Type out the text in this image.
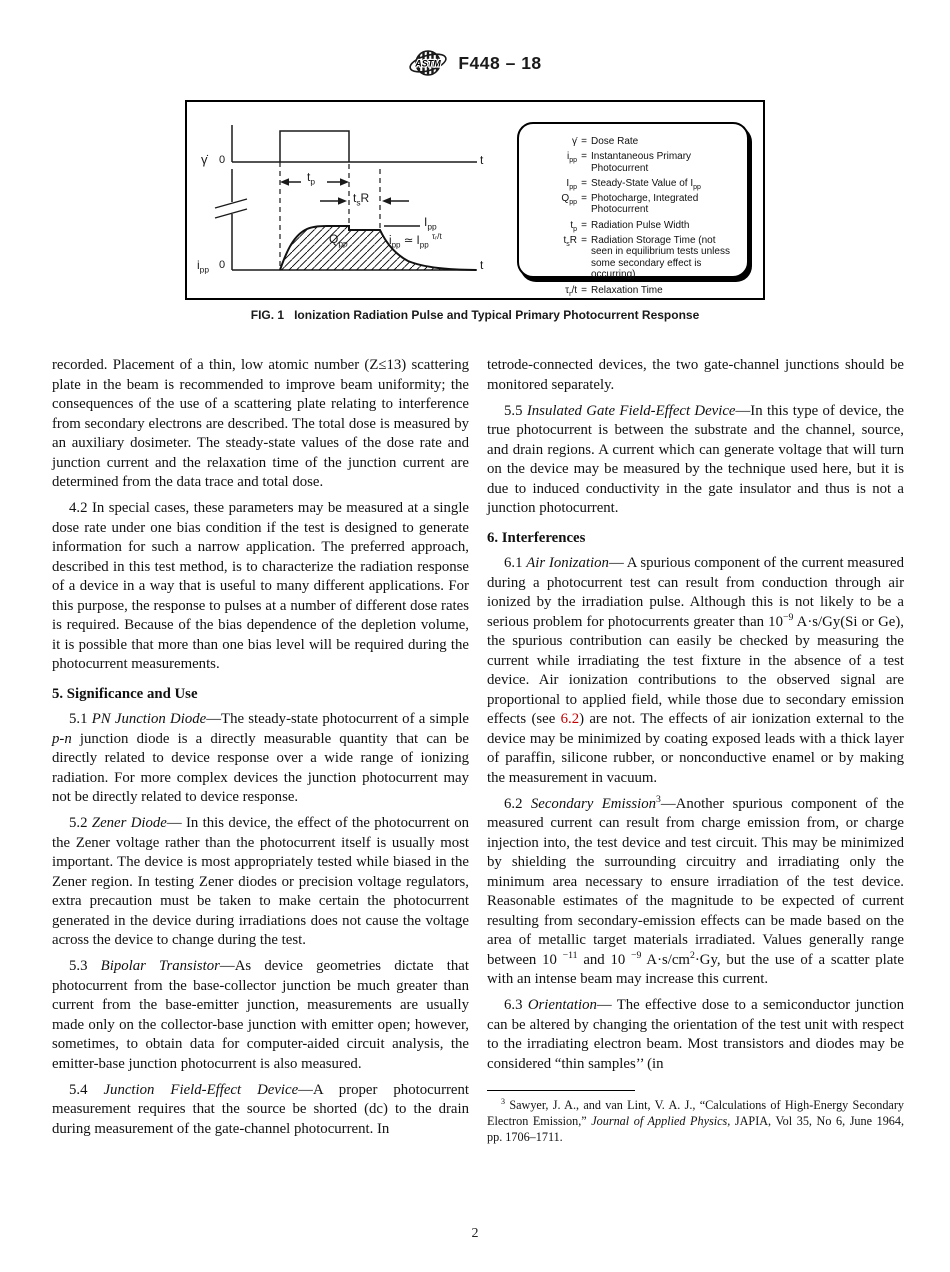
ASTM F448 – 18
γ̇ 0	t
$t_p$
$t_sR$
$I_{pp}$
$Q_{pp}$	$i_{pp}$ ≃ $I_{pp}$ $^{\tau ᵣ/t}$
$i_{pp}$ 0	t
γ̇ = Dose Rate
$i_{pp}$ = Instantaneous Primary Photocurrent
$I_{pp}$ = Steady-State Value of $I_{pp}$
$Q_{pp}$ = Photocharge, Integrated Photocurrent
$t_p$ = Radiation Pulse Width
$t_sR$ = Radiation Storage Time (not seen in equilibrium tests unless some secondary effect is occurring)
$\tau_r/t$ = Relaxation Time
FIG. 1 Ionization Radiation Pulse and Typical Primary Photocurrent Response
recorded. Placement of a thin, low atomic number (Z≤13) scattering plate in the beam is recommended to improve beam uniformity; the consequences of the use of a scattering plate relating to interference from secondary electrons are described. The total dose is measured by an auxiliary dosimeter. The steady-state values of the dose rate and junction current and the relaxation time of the junction current are determined from the data trace and total dose.
4.2 In special cases, these parameters may be measured at a single dose rate under one bias condition if the test is designed to generate information for such a narrow application. The preferred approach, described in this test method, is to characterize the radiation response of a device in a way that is useful to many different applications. For this purpose, the response to pulses at a number of different dose rates is required. Because of the bias dependence of the depletion volume, it is possible that more than one bias level will be required during the photocurrent measurements.
5. Significance and Use
5.1 PN Junction Diode—The steady-state photocurrent of a simple p-n junction diode is a directly measurable quantity that can be directly related to device response over a wide range of ionizing radiation. For more complex devices the junction photocurrent may not be directly related to device response.
5.2 Zener Diode— In this device, the effect of the photocurrent on the Zener voltage rather than the photocurrent itself is usually most important. The device is most appropriately tested while biased in the Zener region. In testing Zener diodes or precision voltage regulators, extra precaution must be taken to make certain the photocurrent generated in the device during irradiations does not cause the voltage across the device to change during the test.
5.3 Bipolar Transistor—As device geometries dictate that photocurrent from the base-collector junction be much greater than current from the base-emitter junction, measurements are usually made only on the collector-base junction with emitter open; however, sometimes, to obtain data for computer-aided circuit analysis, the emitter-base junction photocurrent is also measured.
5.4 Junction Field-Effect Device—A proper photocurrent measurement requires that the source be shorted (dc) to the drain during measurement of the gate-channel photocurrent. In
tetrode-connected devices, the two gate-channel junctions should be monitored separately.
5.5 Insulated Gate Field-Effect Device—In this type of device, the true photocurrent is between the substrate and the channel, source, and drain regions. A current which can generate voltage that will turn on the device may be measured by the technique used here, but it is due to induced conductivity in the gate insulator and thus is not a junction photocurrent.
6. Interferences
6.1 Air Ionization— A spurious component of the current measured during a photocurrent test can result from conduction through air ionized by the irradiation pulse. Although this is not likely to be a serious problem for photocurrents greater than $10^{-9}$ A·s/Gy(Si or Ge), the spurious contribution can easily be checked by measuring the current while irradiating the test fixture in the absence of a test device. Air ionization contributions to the observed signal are proportional to applied field, while those due to secondary emission effects (see 6.2) are not. The effects of air ionization external to the device may be minimized by coating exposed leads with a thick layer of paraffin, silicone rubber, or nonconductive enamel or by making the measurement in vacuum.
6.2 Secondary Emission$^3$—Another spurious component of the measured current can result from charge emission from, or charge injection into, the test device and test circuit. This may be minimized by shielding the surrounding circuitry and irradiating only the minimum area necessary to ensure irradiation of the test device. Reasonable estimates of the magnitude to be expected of current resulting from secondary-emission effects can be made based on the area of metallic target materials irradiated. Values generally range between 10 $^{-11}$ and 10 $^{-9}$ $A\cdot s/cm^2\cdot Gy$, but the use of a scatter plate with an intense beam may increase this current.
6.3 Orientation— The effective dose to a semiconductor junction can be altered by changing the orientation of the test unit with respect to the irradiating electron beam. Most transistors and diodes may be considered “thin samples’’ (in
$^3$ Sawyer, J. A., and van Lint, V. A. J., “Calculations of High-Energy Secondary Electron Emission,” Journal of Applied Physics, JAPIA, Vol 35, No 6, June 1964, pp. 1706–1711.
2
